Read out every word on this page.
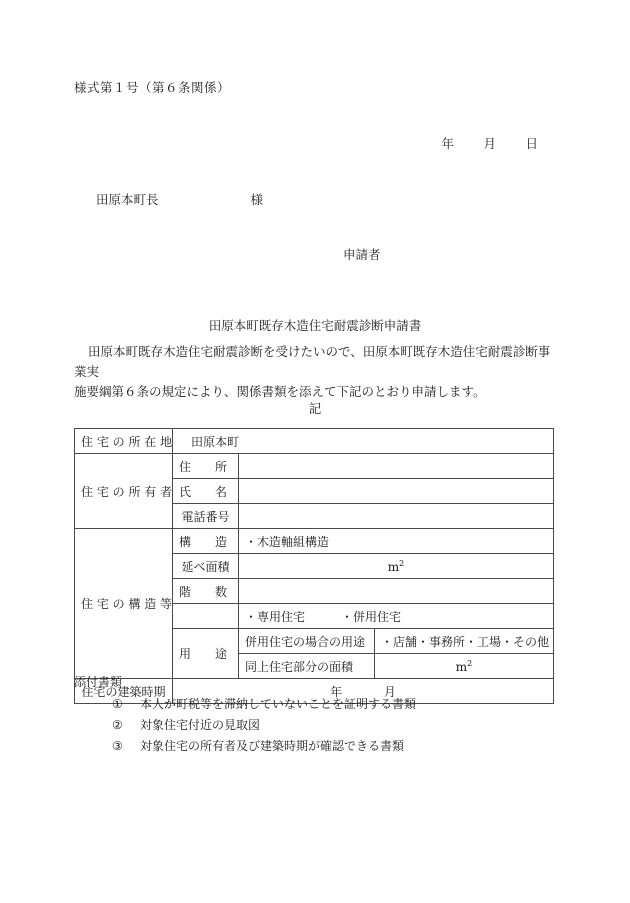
様式第１号（第６条関係）
年 月 日
田原本町長	様
申請者
田原本町既存木造住宅耐震診断申請書
田原本町既存木造住宅耐震診断を受けたいので、田原本町既存木造住宅耐震診断事業実
施要綱第６条の規定により、関係書類を添えて下記のとおり申請します。
記
住 宅 の 所 在 地	田原本町		

住 宅 の 所 有 者	住　　所		

氏　　名		

電話番号		

住 宅 の 構 造 等	構　　造	・木造軸組構造	

延べ面積	$m^2$

階　　数		

		・専用住宅　　　・併用住宅	

用　　途	併用住宅の場合の用途	・店舗・事務所・工場・その他
		同上住宅部分の面積	$m^2$

住宅の建築時期	年 月		
添付書類
① 本人が町税等を滞納していないことを証明する書類
② 対象住宅付近の見取図
③ 対象住宅の所有者及び建築時期が確認できる書類
